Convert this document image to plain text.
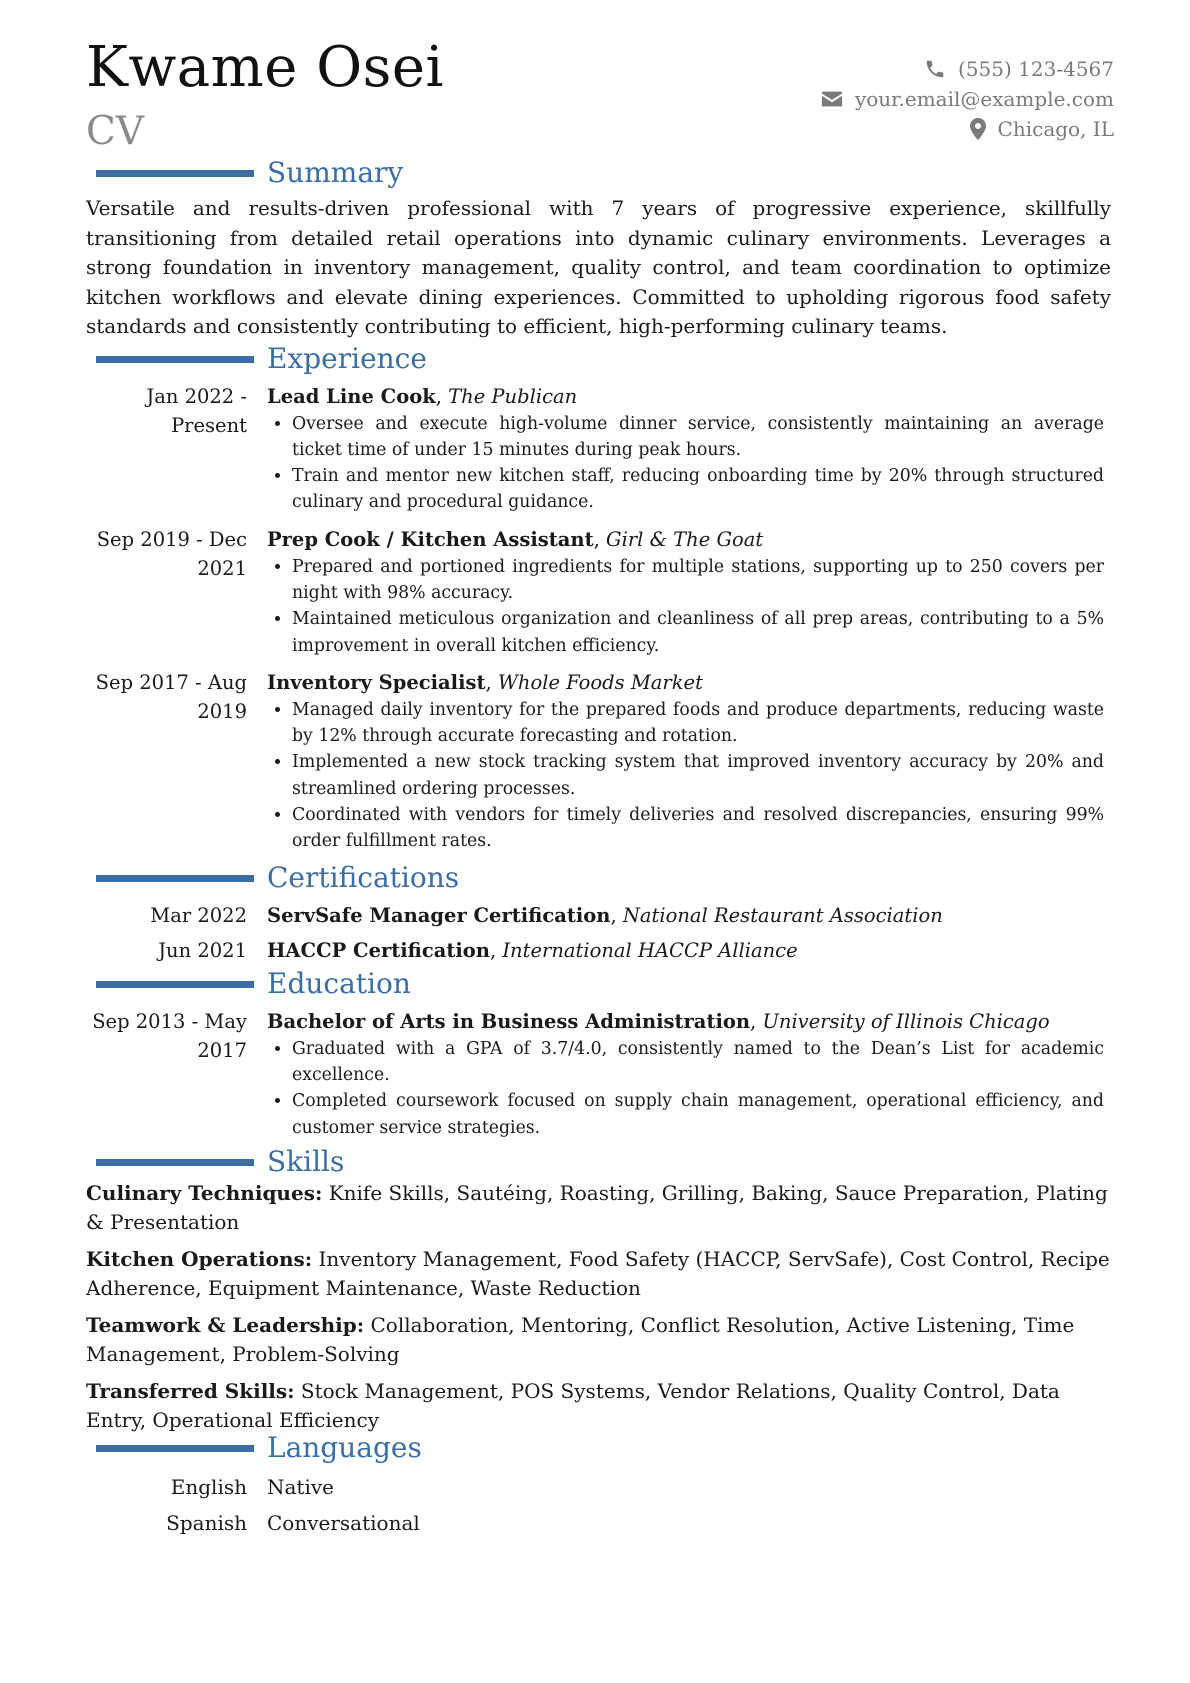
Kwame Osei
CV
(555) 123-4567
your.email@example.com
Chicago, IL
Summary

Versatile and results-driven professional with 7 years of progressive experience, skillfully transitioning from detailed retail operations into dynamic culinary environments. Leverages a strong foundation in inventory management, quality control, and team coordination to optimize kitchen workflows and elevate dining experiences. Committed to upholding rigorous food safety standards and consistently contributing to efficient, high-performing culinary teams.

Experience
Jan 2022 - Present
Lead Line Cook, The Publican
• Oversee and execute high-volume dinner service, consistently maintaining an average ticket time of under 15 minutes during peak hours.
• Train and mentor new kitchen staff, reducing onboarding time by 20% through structured culinary and procedural guidance.
Sep 2019 - Dec 2021
Prep Cook / Kitchen Assistant, Girl & The Goat
• Prepared and portioned ingredients for multiple stations, supporting up to 250 covers per night with 98% accuracy.
• Maintained meticulous organization and cleanliness of all prep areas, contributing to a 5% improvement in overall kitchen efficiency.
Sep 2017 - Aug 2019
Inventory Specialist, Whole Foods Market
• Managed daily inventory for the prepared foods and produce departments, reducing waste by 12% through accurate forecasting and rotation.
• Implemented a new stock tracking system that improved inventory accuracy by 20% and streamlined ordering processes.
• Coordinated with vendors for timely deliveries and resolved discrepancies, ensuring 99% order fulfillment rates.
Certifications
Mar 2022 ServSafe Manager Certification, National Restaurant Association
Jun 2021 HACCP Certification, International HACCP Alliance
Education
Sep 2013 - May 2017
Bachelor of Arts in Business Administration, University of Illinois Chicago
• Graduated with a GPA of 3.7/4.0, consistently named to the Dean’s List for academic excellence.
• Completed coursework focused on supply chain management, operational efficiency, and customer service strategies.
Skills

Culinary Techniques: Knife Skills, Sautéing, Roasting, Grilling, Baking, Sauce Preparation, Plating & Presentation

Kitchen Operations: Inventory Management, Food Safety (HACCP, ServSafe), Cost Control, Recipe Adherence, Equipment Maintenance, Waste Reduction

Teamwork & Leadership: Collaboration, Mentoring, Conflict Resolution, Active Listening, Time Management, Problem-Solving

Transferred Skills: Stock Management, POS Systems, Vendor Relations, Quality Control, Data Entry, Operational Efficiency

Languages
English Native
Spanish Conversational
